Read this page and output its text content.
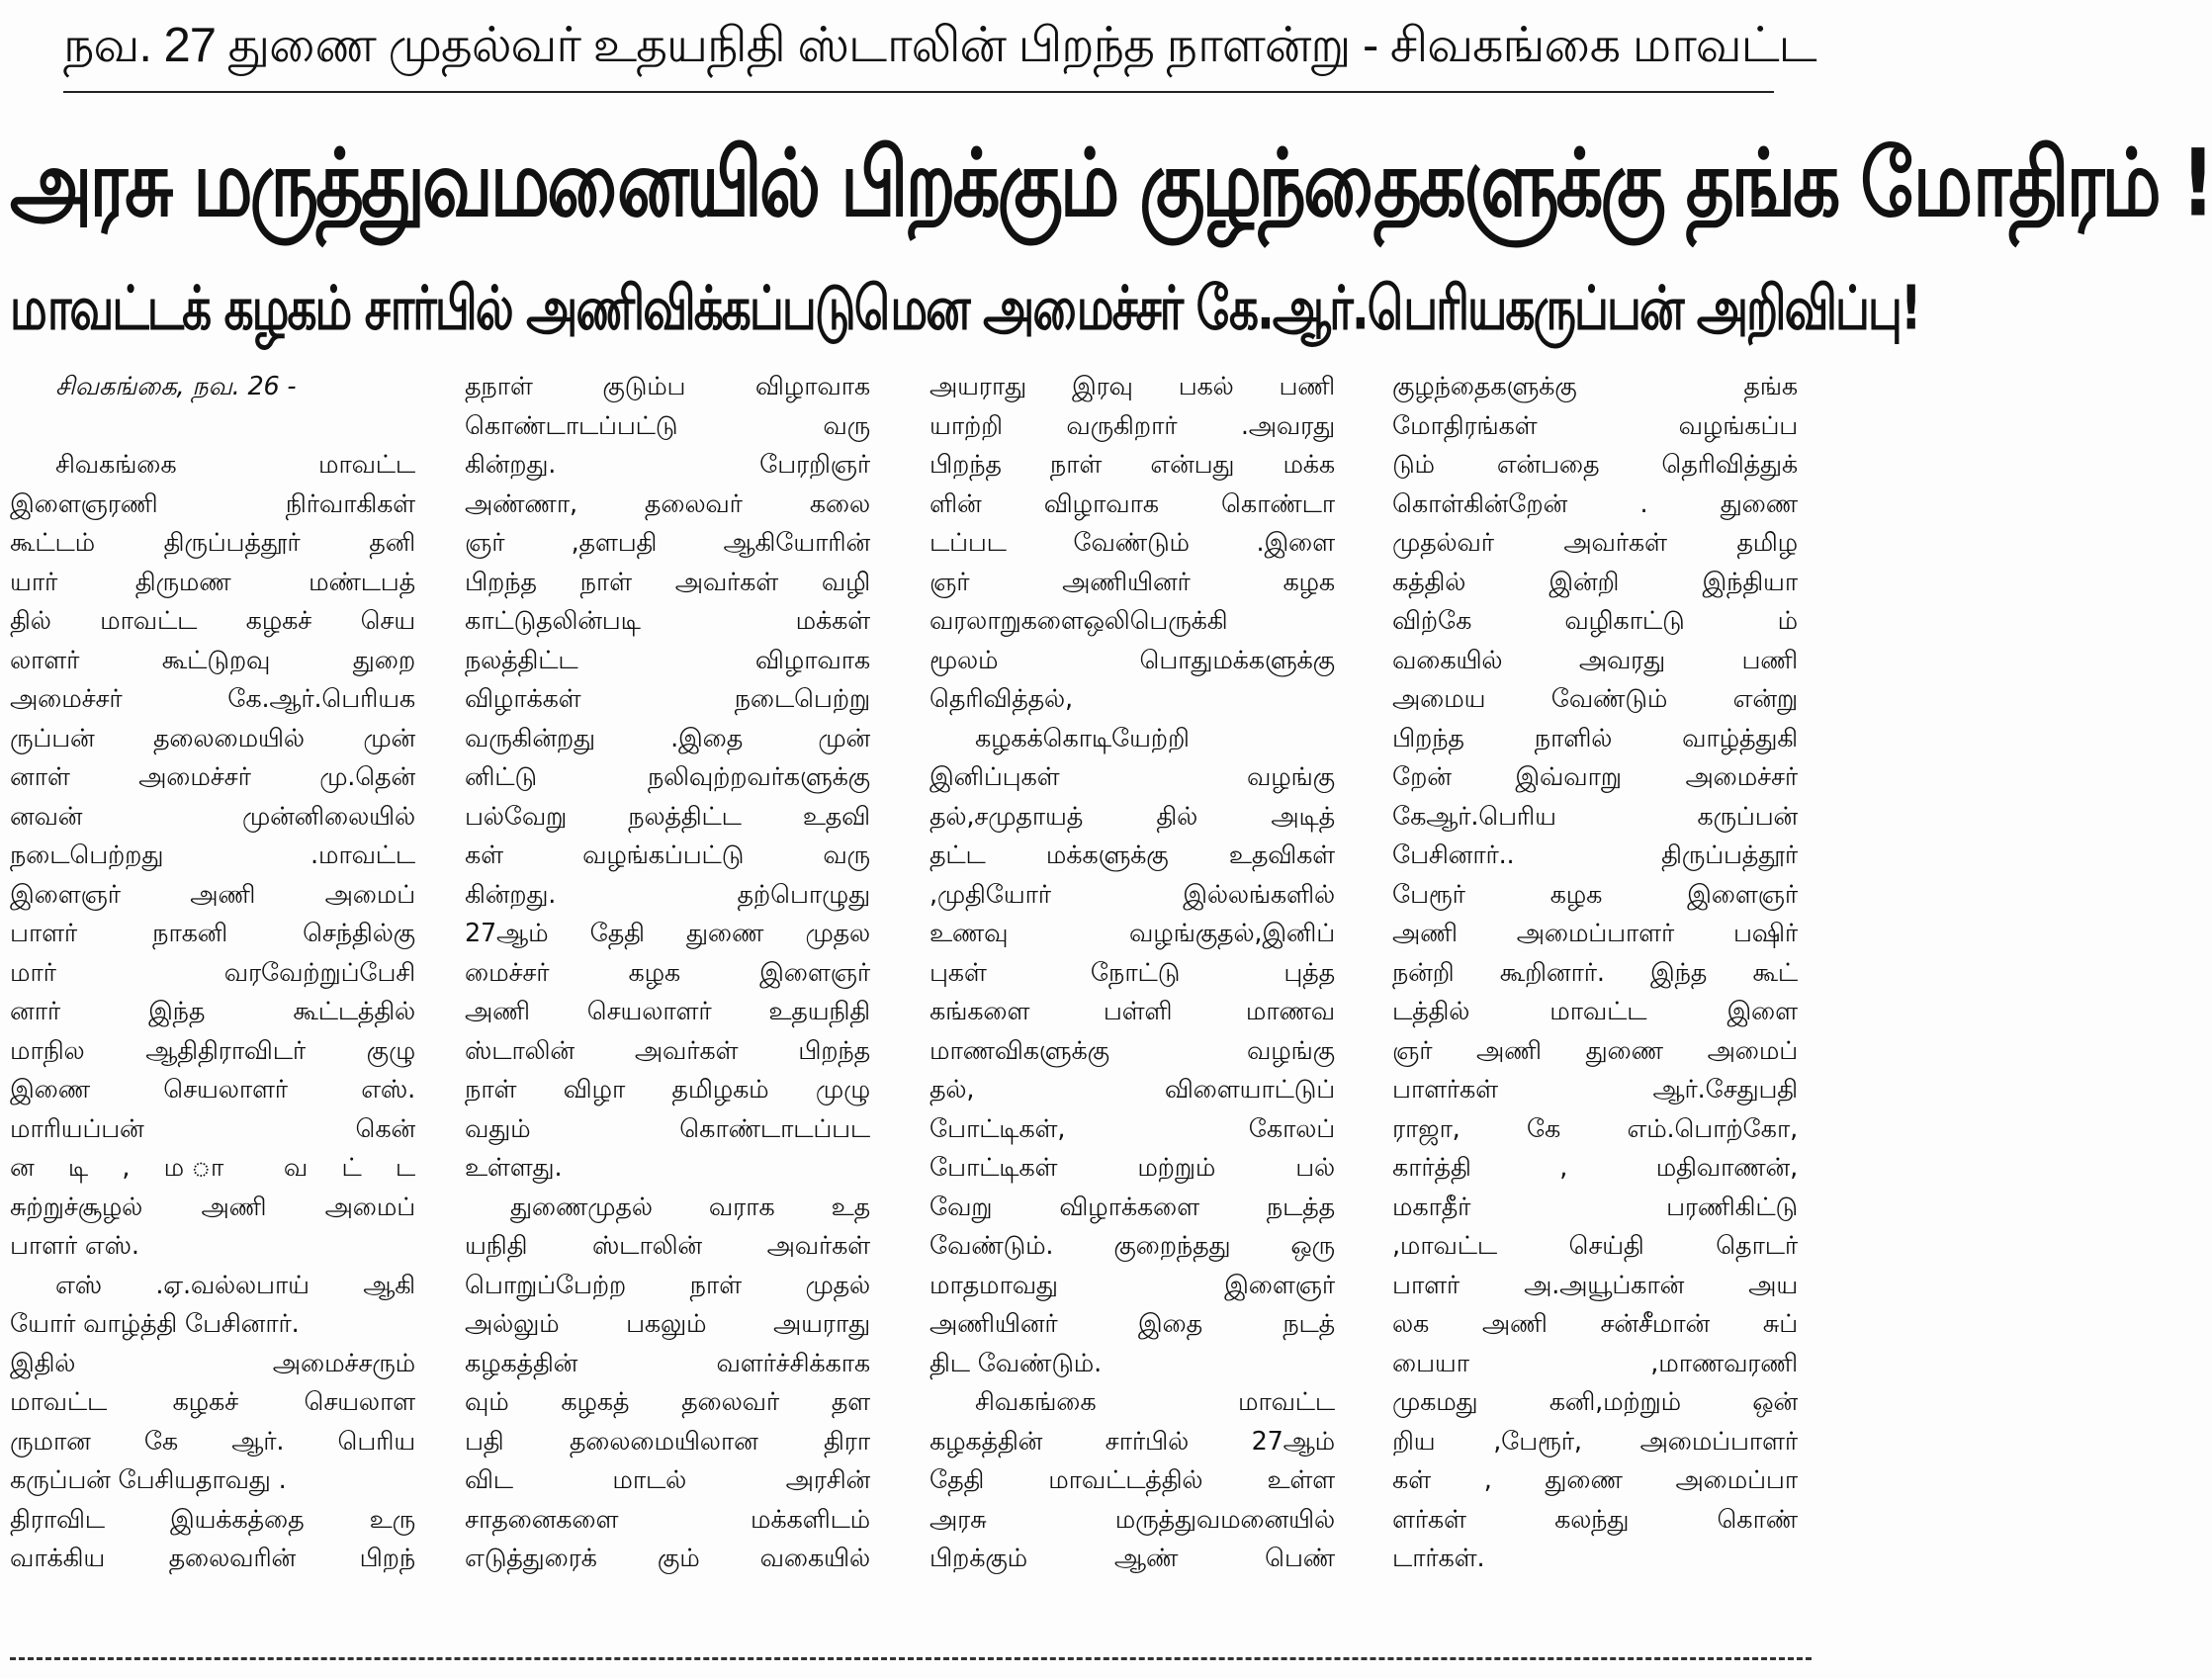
நவ. 27 துணை முதல்வர் உதயநிதி ஸ்டாலின் பிறந்த நாளன்று - சிவகங்கை மாவட்ட
அரசு மருத்துவமனையில் பிறக்கும் குழந்தைகளுக்கு தங்க மோதிரம் !
மாவட்டக் கழகம் சார்பில் அணிவிக்கப்படுமென அமைச்சர் கே.ஆர்.பெரியகருப்பன் அறிவிப்பு!
சிவகங்கை, நவ. 26 -
சிவகங்கை மாவட்ட
இளைஞரணி நிர்வாகிகள்
கூட்டம் திருப்பத்தூர் தனி
யார் திருமண மண்டபத்
தில் மாவட்ட கழகச் செய
லாளர் கூட்டுறவு துறை
அமைச்சர் கே.ஆர்.பெரியக
ருப்பன் தலைமையில் முன்
னாள் அமைச்சர் மு.தென்
னவன் முன்னிலையில்
நடைபெற்றது .மாவட்ட
இளைஞர் அணி அமைப்
பாளர் நாகனி செந்தில்கு
மார் வரவேற்றுப்பேசி
னார் இந்த கூட்டத்தில்
மாநில ஆதிதிராவிடர் குழு
இணை செயலாளர் எஸ்.
மாரியப்பன் கென்
ன டி , ம ா வ ட் ட
சுற்றுச்சூழல் அணி அமைப்
பாளர் எஸ்.
எஸ் .ஏ.வல்லபாய் ஆகி
யோர் வாழ்த்தி பேசினார்.
இதில் அமைச்சரும்
மாவட்ட கழகச் செயலாள
ருமான கே ஆர். பெரிய
கருப்பன் பேசியதாவது .
திராவிட இயக்கத்தை உரு
வாக்கிய தலைவரின் பிறந்
தநாள் குடும்ப விழாவாக
கொண்டாடப்பட்டு வரு
கின்றது. பேரறிஞர்
அண்ணா, தலைவர் கலை
ஞர் ,தளபதி ஆகியோரின்
பிறந்த நாள் அவர்கள் வழி
காட்டுதலின்படி மக்கள்
நலத்திட்ட விழாவாக
விழாக்கள் நடைபெற்று
வருகின்றது .இதை முன்
னிட்டு நலிவுற்றவர்களுக்கு
பல்வேறு நலத்திட்ட உதவி
கள் வழங்கப்பட்டு வரு
கின்றது. தற்பொழுது
27ஆம் தேதி துணை முதல
மைச்சர் கழக இளைஞர்
அணி செயலாளர் உதயநிதி
ஸ்டாலின் அவர்கள் பிறந்த
நாள் விழா தமிழகம் முழு
வதும் கொண்டாடப்பட
உள்ளது.
துணைமுதல் வராக உத
யநிதி ஸ்டாலின் அவர்கள்
பொறுப்பேற்ற நாள் முதல்
அல்லும் பகலும் அயராது
கழகத்தின் வளர்ச்சிக்காக
வும் கழகத் தலைவர் தள
பதி தலைமையிலான திரா
விட மாடல் அரசின்
சாதனைகளை மக்களிடம்
எடுத்துரைக் கும் வகையில்
அயராது இரவு பகல் பணி
யாற்றி வருகிறார் .அவரது
பிறந்த நாள் என்பது மக்க
ளின் விழாவாக கொண்டா
டப்பட வேண்டும் .இளை
ஞர் அணியினர் கழக
வரலாறுகளைஒலிபெருக்கி
மூலம் பொதுமக்களுக்கு
தெரிவித்தல்,
கழகக்கொடியேற்றி
இனிப்புகள் வழங்கு
தல்,சமுதாயத் தில் அடித்
தட்ட மக்களுக்கு உதவிகள்
,முதியோர் இல்லங்களில்
உணவு வழங்குதல்,இனிப்
புகள் நோட்டு புத்த
கங்களை பள்ளி மாணவ
மாணவிகளுக்கு வழங்கு
தல், விளையாட்டுப்
போட்டிகள், கோலப்
போட்டிகள் மற்றும் பல்
வேறு விழாக்களை நடத்த
வேண்டும். குறைந்தது ஒரு
மாதமாவது இளைஞர்
அணியினர் இதை நடத்
திட வேண்டும்.
சிவகங்கை மாவட்ட
கழகத்தின் சார்பில் 27ஆம்
தேதி மாவட்டத்தில் உள்ள
அரசு மருத்துவமனையில்
பிறக்கும் ஆண் பெண்
குழந்தைகளுக்கு தங்க
மோதிரங்கள் வழங்கப்ப
டும் என்பதை தெரிவித்துக்
கொள்கின்றேன் . துணை
முதல்வர் அவர்கள் தமிழ
கத்தில் இன்றி இந்தியா
விற்கே வழிகாட்டு ம்
வகையில் அவரது பணி
அமைய வேண்டும் என்று
பிறந்த நாளில் வாழ்த்துகி
றேன் இவ்வாறு அமைச்சர்
கேஆர்.பெரிய கருப்பன்
பேசினார்.. திருப்பத்தூர்
பேரூர் கழக இளைஞர்
அணி அமைப்பாளர் பஷிர்
நன்றி கூறினார். இந்த கூட்
டத்தில் மாவட்ட இளை
ஞர் அணி துணை அமைப்
பாளர்கள் ஆர்.சேதுபதி
ராஜா, கே எம்.பொற்கோ,
கார்த்தி , மதிவாணன்,
மகாதீர் பரணிகிட்டு
,மாவட்ட செய்தி தொடர்
பாளர் அ.அயூப்கான் அய
லக அணி சன்சீமான் சுப்
பையா ,மாணவரணி
முகமது கனி,மற்றும் ஒன்
றிய ,பேரூர், அமைப்பாளர்
கள் , துணை அமைப்பா
ளர்கள் கலந்து கொண்
டார்கள்.
